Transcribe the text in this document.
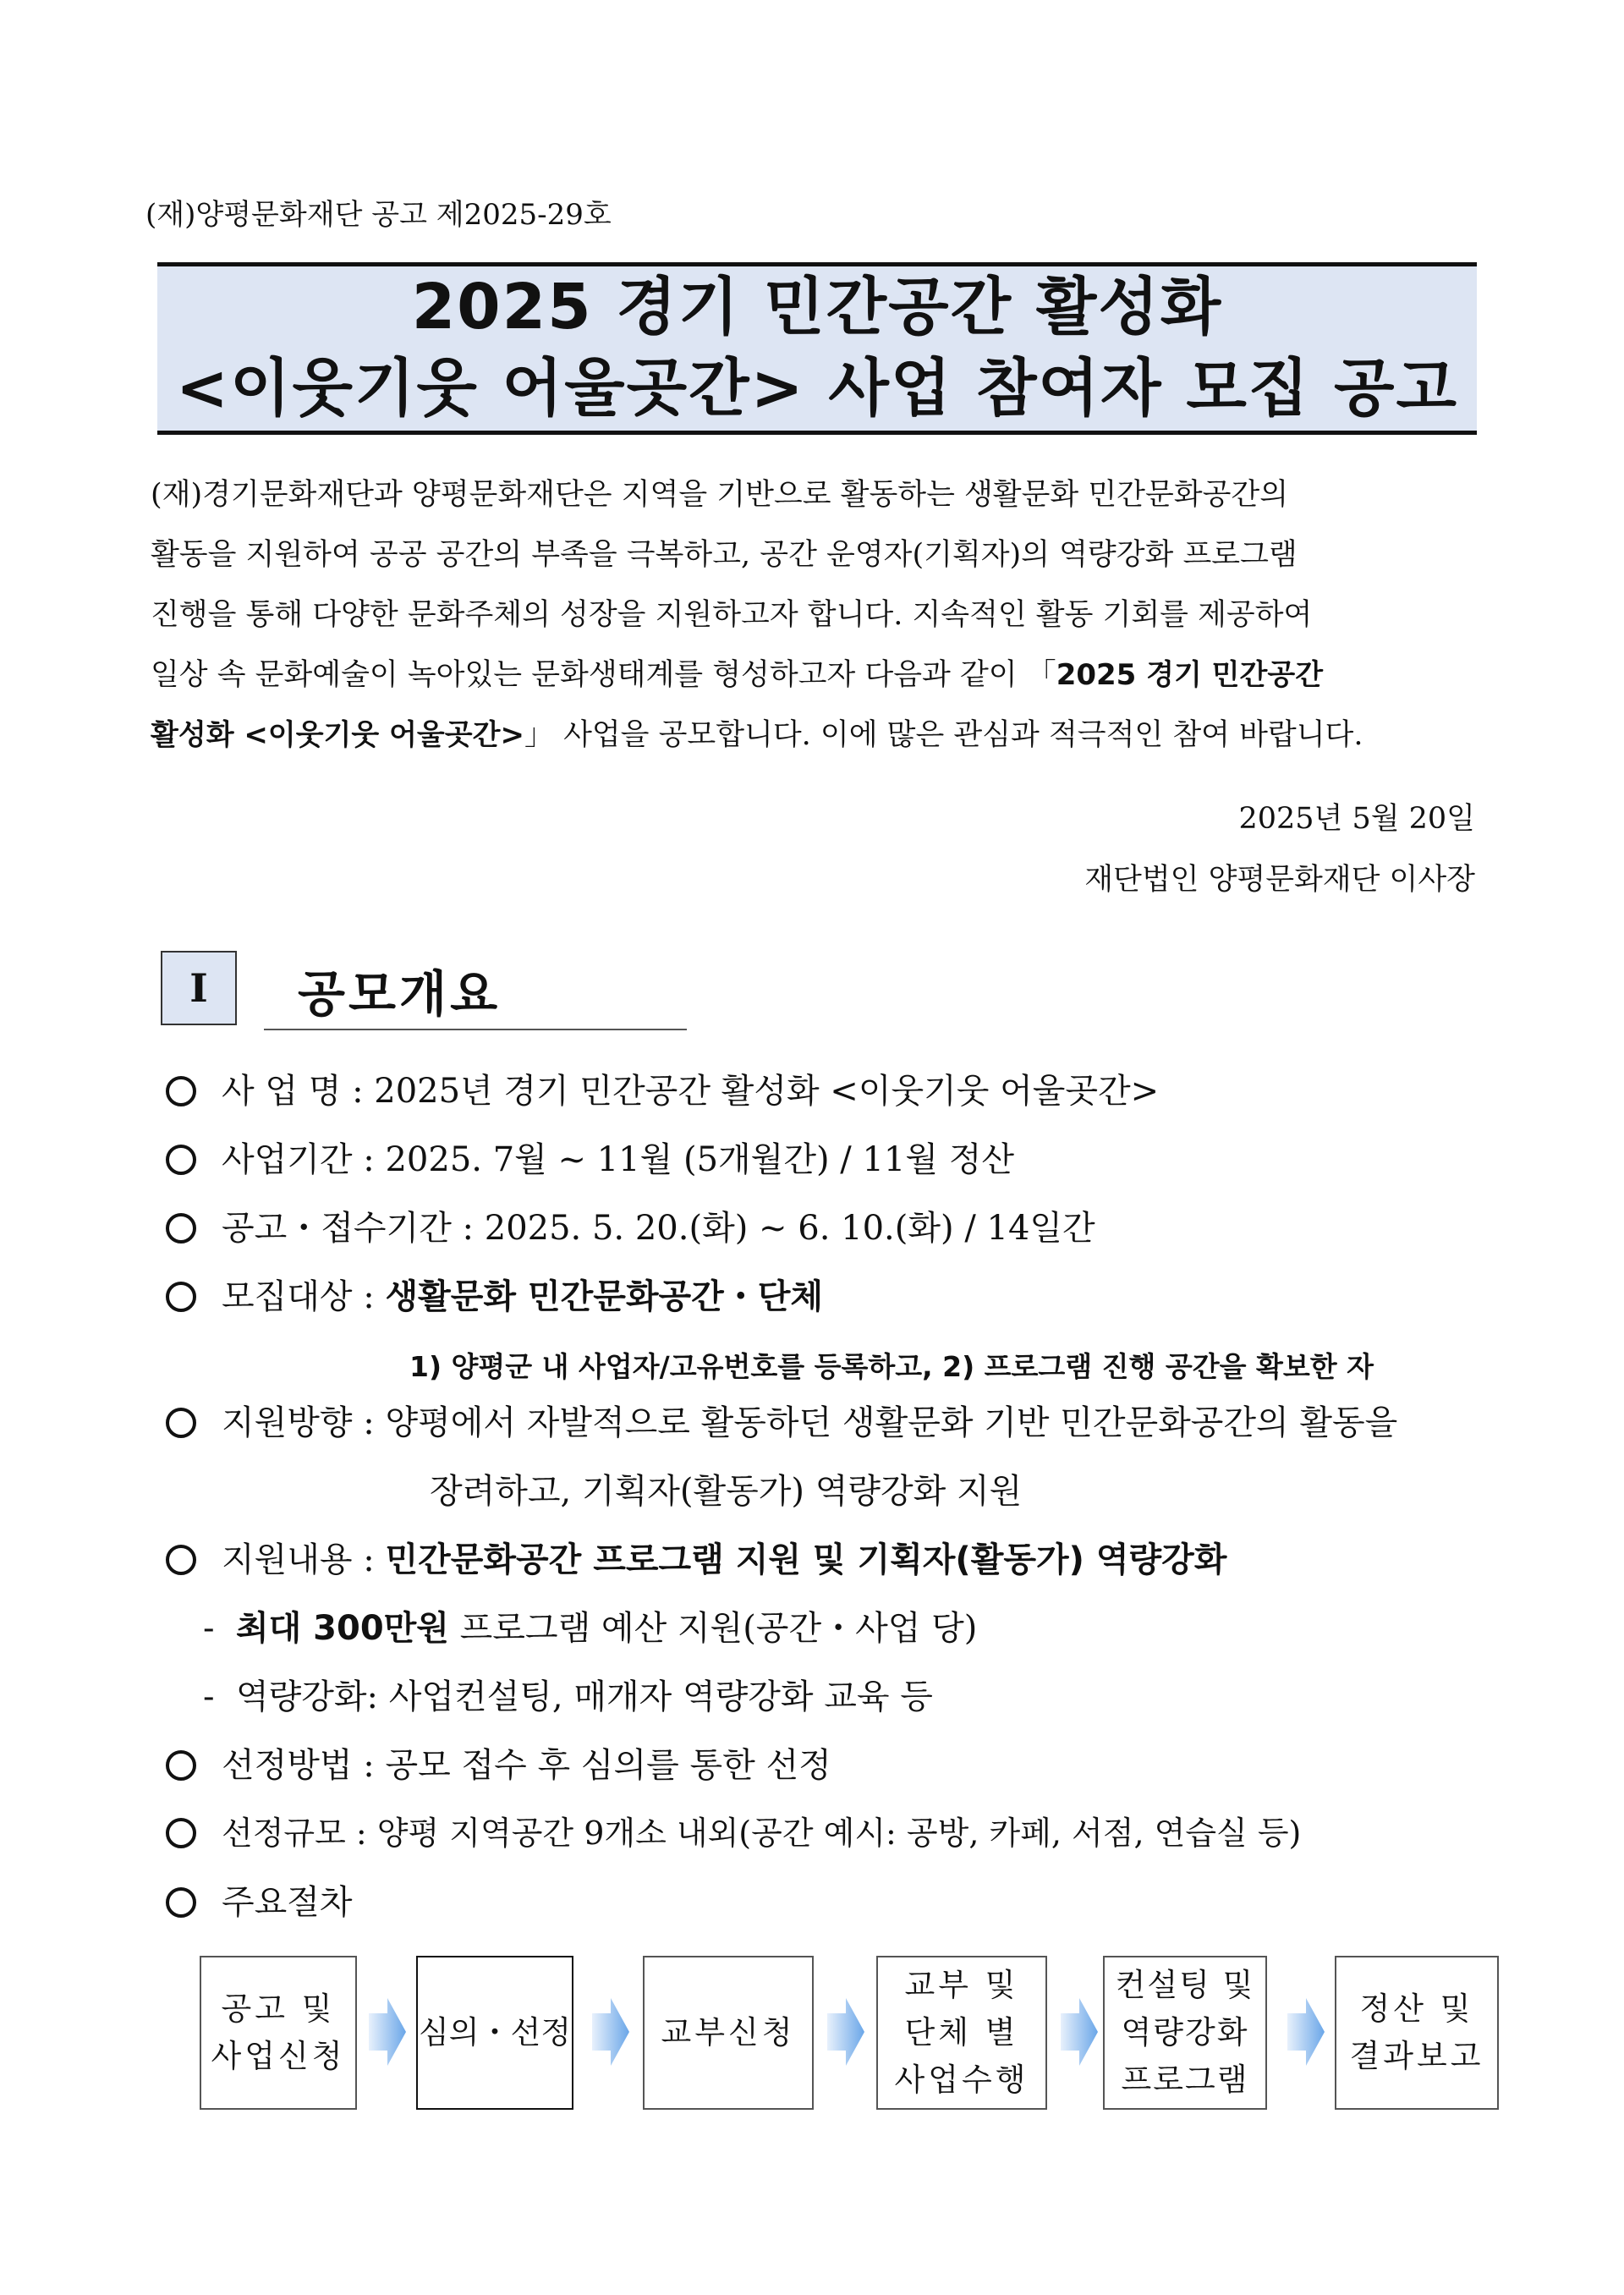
(재)양평문화재단 공고 제2025-29호
2025 경기 민간공간 활성화
<이웃기웃 어울곳간> 사업 참여자 모집 공고
(재)경기문화재단과 양평문화재단은 지역을 기반으로 활동하는 생활문화 민간문화공간의
활동을 지원하여 공공 공간의 부족을 극복하고, 공간 운영자(기획자)의 역량강화 프로그램
진행을 통해 다양한 문화주체의 성장을 지원하고자 합니다. 지속적인 활동 기회를 제공하여
일상 속 문화예술이 녹아있는 문화생태계를 형성하고자 다음과 같이 「2025 경기 민간공간
활성화 <이웃기웃 어울곳간>」 사업을 공모합니다. 이에 많은 관심과 적극적인 참여 바랍니다.
2025년 5월 20일
재단법인 양평문화재단 이사장
I	공모개요
사 업 명 : 2025년 경기 민간공간 활성화 <이웃기웃 어울곳간>
사업기간 : 2025. 7월 ~ 11월 (5개월간) / 11월 정산
공고・접수기간 : 2025. 5. 20.(화) ~ 6. 10.(화) / 14일간
모집대상 : 생활문화 민간문화공간・단체
1) 양평군 내 사업자/고유번호를 등록하고, 2) 프로그램 진행 공간을 확보한 자
지원방향 : 양평에서 자발적으로 활동하던 생활문화 기반 민간문화공간의 활동을
장려하고, 기획자(활동가) 역량강화 지원
지원내용 : 민간문화공간 프로그램 지원 및 기획자(활동가) 역량강화
-  최대 300만원 프로그램 예산 지원(공간・사업 당)
-  역량강화: 사업컨설팅, 매개자 역량강화 교육 등
선정방법 : 공모 접수 후 심의를 통한 선정
선정규모 : 양평 지역공간 9개소 내외(공간 예시: 공방, 카페, 서점, 연습실 등)
주요절차
공고 및
사업신청
심의・선정	교부신청
교부 및
단체 별
사업수행
컨설팅 및
역량강화
프로그램
정산 및
결과보고
